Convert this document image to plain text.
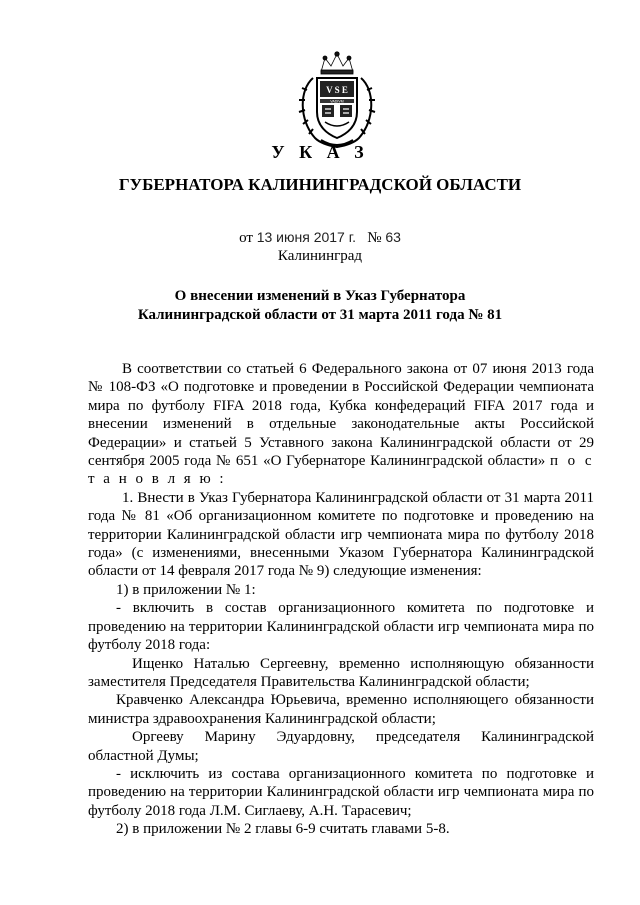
V S E
VADIVM
У К А З
ГУБЕРНАТОРА КАЛИНИНГРАДСКОЙ ОБЛАСТИ
от 13 июня 2017 г. № 63
Калининград
О внесении изменений в Указ Губернатора
Калининградской области от 31 марта 2011 года № 81

В соответствии со статьей 6 Федерального закона от 07 июня 2013 года № 108-ФЗ «О подготовке и проведении в Российской Федерации чемпионата мира по футболу FIFA 2018 года, Кубка конфедераций FIFA 2017 года и внесении изменений в отдельные законодательные акты Российской Федерации» и статьей 5 Уставного закона Калининградской области от 29 сентября 2005 года № 651 «О Губернаторе Калининградской области» п о с т а н о в л я ю :

1. Внести в Указ Губернатора Калининградской области от 31 марта 2011 года № 81 «Об организационном комитете по подготовке и проведению на территории Калининградской области игр чемпионата мира по футболу 2018 года» (с изменениями, внесенными Указом Губернатора Калининградской области от 14 февраля 2017 года № 9) следующие изменения:

1) в приложении № 1:

- включить в состав организационного комитета по подготовке и проведению на территории Калининградской области игр чемпионата мира по футболу 2018 года:

Ищенко Наталью Сергеевну, временно исполняющую обязанности заместителя Председателя Правительства Калининградской области;

Кравченко Александра Юрьевича, временно исполняющего обязанности министра здравоохранения Калининградской области;

Оргееву Марину Эдуардовну, председателя Калининградской областной Думы;

- исключить из состава организационного комитета по подготовке и проведению на территории Калининградской области игр чемпионата мира по футболу 2018 года Л.М. Сиглаеву, А.Н. Тарасевич;

2) в приложении № 2 главы 6-9 считать главами 5-8.
